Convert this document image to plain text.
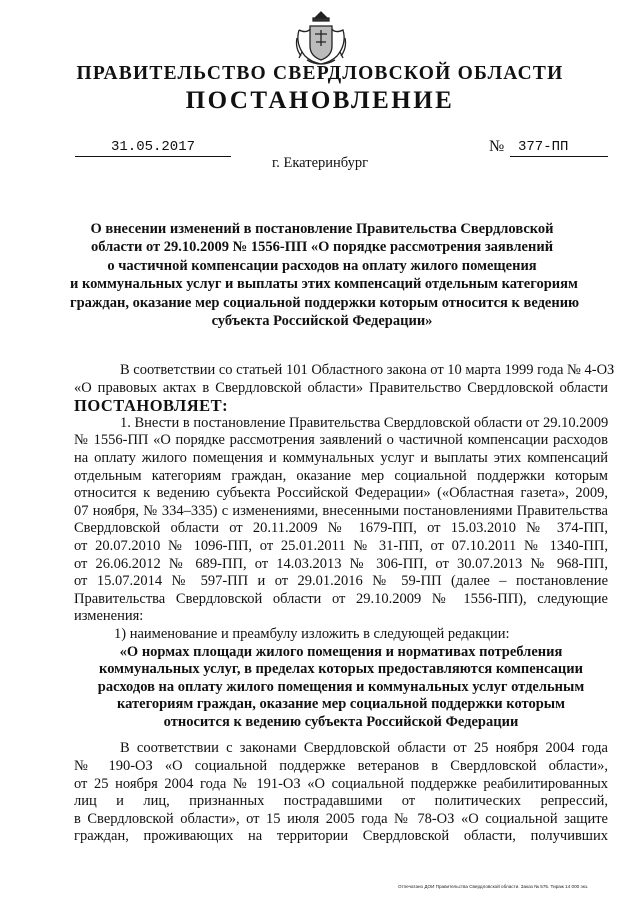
ПРАВИТЕЛЬСТВО СВЕРДЛОВСКОЙ ОБЛАСТИ
ПОСТАНОВЛЕНИЕ
31.05.2017	№ 377-ПП
г. Екатеринбург
О внесении изменений в постановление Правительства Свердловской
области от 29.10.2009 № 1556-ПП «О порядке рассмотрения заявлений
о частичной компенсации расходов на оплату жилого помещения
и коммунальных услуг и выплаты этих компенсаций отдельным категориям
граждан, оказание мер социальной поддержки которым относится к ведению
субъекта Российской Федерации»
В соответствии со статьей 101 Областного закона от 10 марта 1999 года № 4-ОЗ
«О правовых актах в Свердловской области» Правительство Свердловской области
ПОСТАНОВЛЯЕТ:
1. Внести в постановление Правительства Свердловской области от 29.10.2009
№ 1556-ПП «О порядке рассмотрения заявлений о частичной компенсации расходов
на оплату жилого помещения и коммунальных услуг и выплаты этих компенсаций
отдельным категориям граждан, оказание мер социальной поддержки которым
относится к ведению субъекта Российской Федерации» («Областная газета», 2009,
07 ноября, № 334–335) с изменениями, внесенными постановлениями Правительства
Свердловской области от 20.11.2009 № 1679-ПП, от 15.03.2010 № 374-ПП,
от 20.07.2010 № 1096-ПП, от 25.01.2011 № 31-ПП, от 07.10.2011 № 1340-ПП,
от 26.06.2012 № 689-ПП, от 14.03.2013 № 306-ПП, от 30.07.2013 № 968-ПП,
от 15.07.2014 № 597-ПП и от 29.01.2016 № 59-ПП (далее – постановление
Правительства Свердловской области от 29.10.2009 № 1556-ПП), следующие
изменения:
1) наименование и преамбулу изложить в следующей редакции:
«О нормах площади жилого помещения и нормативах потребления
коммунальных услуг, в пределах которых предоставляются компенсации
расходов на оплату жилого помещения и коммунальных услуг отдельным
категориям граждан, оказание мер социальной поддержки которым
относится к ведению субъекта Российской Федерации
В соответствии с законами Свердловской области от 25 ноября 2004 года
№ 190-ОЗ «О социальной поддержке ветеранов в Свердловской области»,
от 25 ноября 2004 года № 191-ОЗ «О социальной поддержке реабилитированных
лиц и лиц, признанных пострадавшими от политических репрессий,
в Свердловской области», от 15 июля 2005 года № 78-ОЗ «О социальной защите
граждан, проживающих на территории Свердловской области, получивших
Отпечатано ДОИ Правительства Свердловской области. Заказ № 575. Тираж 14 000 экз.
